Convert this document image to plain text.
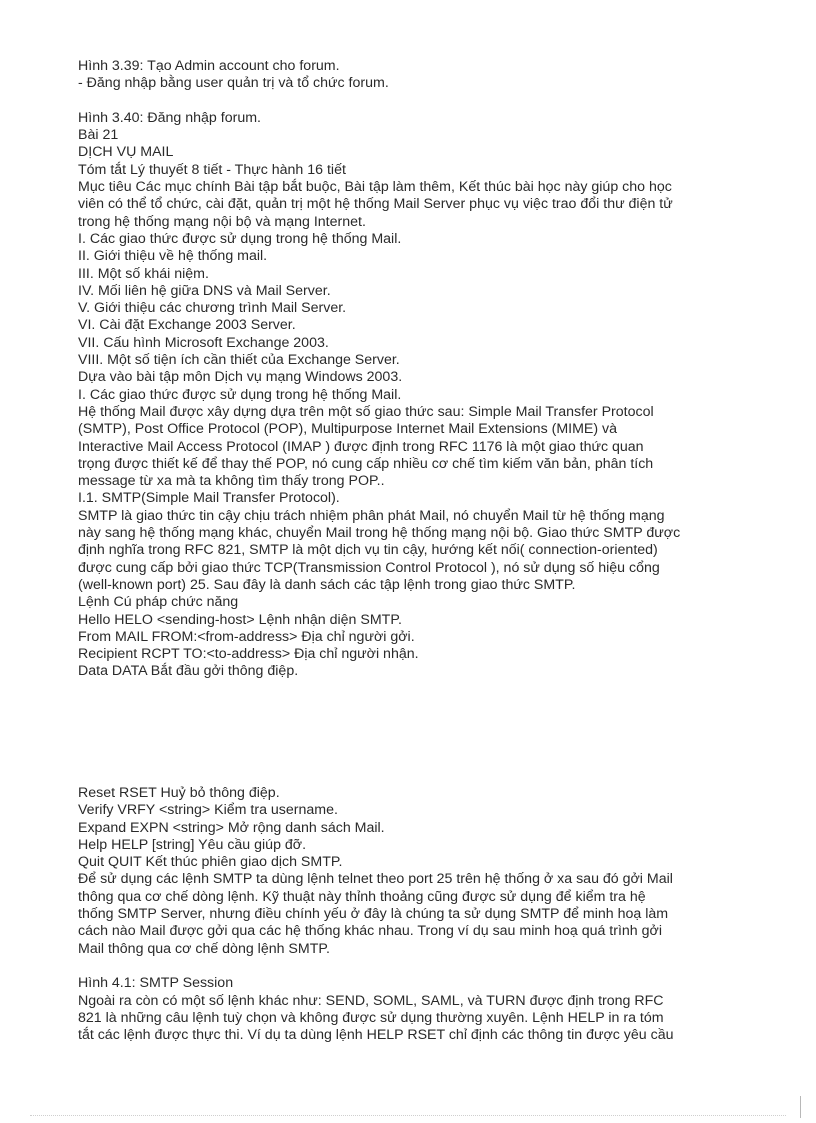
Hình 3.39: Tạo Admin account cho forum.
- Đăng nhập bằng user quản trị và tổ chức forum.
Hình 3.40: Đăng nhập forum.
Bài 21
DỊCH VỤ MAIL
Tóm tắt Lý thuyết 8 tiết - Thực hành 16 tiết
Mục tiêu Các mục chính Bài tập bắt buộc, Bài tập làm thêm, Kết thúc bài học này giúp cho học
viên có thể tổ chức, cài đặt, quản trị một hệ thống Mail Server phục vụ việc trao đổi thư điện tử
trong hệ thống mạng nội bộ và mạng Internet.
I. Các giao thức được sử dụng trong hệ thống Mail.
II. Giới thiệu về hệ thống mail.
III. Một số khái niệm.
IV. Mối liên hệ giữa DNS và Mail Server.
V. Giới thiệu các chương trình Mail Server.
VI. Cài đặt Exchange 2003 Server.
VII. Cấu hình Microsoft Exchange 2003.
VIII. Một số tiện ích cần thiết của Exchange Server.
Dựa vào bài tập môn Dịch vụ mạng Windows 2003.
I. Các giao thức được sử dụng trong hệ thống Mail.
Hệ thống Mail được xây dựng dựa trên một số giao thức sau: Simple Mail Transfer Protocol
(SMTP), Post Office Protocol (POP), Multipurpose Internet Mail Extensions (MIME) và
Interactive Mail Access Protocol (IMAP ) được định trong RFC 1176 là một giao thức quan
trọng được thiết kế để thay thế POP, nó cung cấp nhiều cơ chế tìm kiếm văn bản, phân tích
message từ xa mà ta không tìm thấy trong POP..
I.1. SMTP(Simple Mail Transfer Protocol).
SMTP là giao thức tin cậy chịu trách nhiệm phân phát Mail, nó chuyển Mail từ hệ thống mạng
này sang hệ thống mạng khác, chuyển Mail trong hệ thống mạng nội bộ. Giao thức SMTP được
định nghĩa trong RFC 821, SMTP là một dịch vụ tin cậy, hướng kết nối( connection-oriented)
được cung cấp bởi giao thức TCP(Transmission Control Protocol ), nó sử dụng số hiệu cổng
(well-known port) 25. Sau đây là danh sách các tập lệnh trong giao thức SMTP.
Lệnh Cú pháp chức năng
Hello HELO <sending-host> Lệnh nhận diện SMTP.
From MAIL FROM:<from-address> Địa chỉ người gởi.
Recipient RCPT TO:<to-address> Địa chỉ người nhận.
Data DATA Bắt đầu gởi thông điệp.
Reset RSET Huỷ bỏ thông điệp.
Verify VRFY <string> Kiểm tra username.
Expand EXPN <string> Mở rộng danh sách Mail.
Help HELP [string] Yêu cầu giúp đỡ.
Quit QUIT Kết thúc phiên giao dịch SMTP.
Để sử dụng các lệnh SMTP ta dùng lệnh telnet theo port 25 trên hệ thống ở xa sau đó gởi Mail
thông qua cơ chế dòng lệnh. Kỹ thuật này thỉnh thoảng cũng được sử dụng để kiểm tra hệ
thống SMTP Server, nhưng điều chính yếu ở đây là chúng ta sử dụng SMTP để minh hoạ làm
cách nào Mail được gởi qua các hệ thống khác nhau. Trong ví dụ sau minh hoạ quá trình gởi
Mail thông qua cơ chế dòng lệnh SMTP.
Hình 4.1: SMTP Session
Ngoài ra còn có một số lệnh khác như: SEND, SOML, SAML, và TURN được định trong RFC
821 là những câu lệnh tuỳ chọn và không được sử dụng thường xuyên. Lệnh HELP in ra tóm
tắt các lệnh được thực thi. Ví dụ ta dùng lệnh HELP RSET chỉ định các thông tin được yêu cầu
